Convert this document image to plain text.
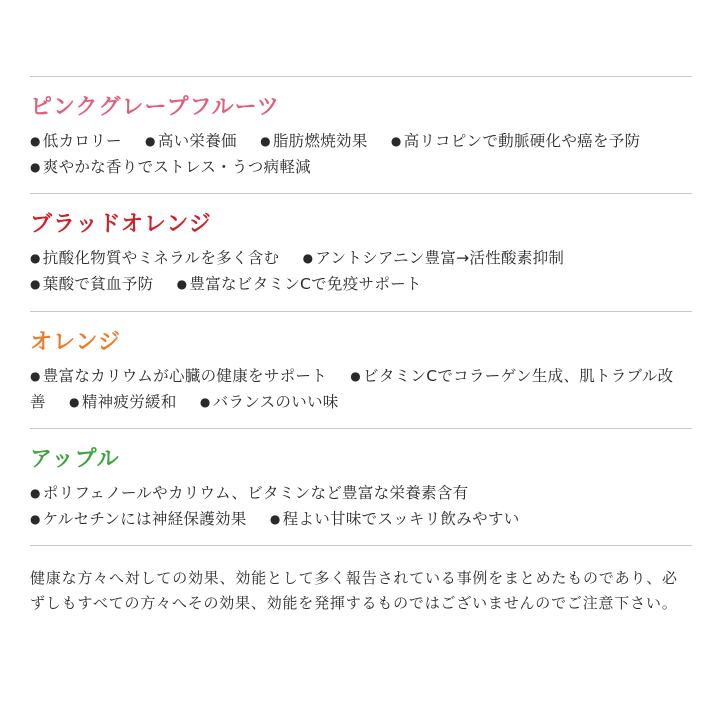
ピンクグレープフルーツ
● 低カロリー ● 高い栄養価 ● 脂肪燃焼効果 ● 高リコピンで動脈硬化や癌を予防
● 爽やかな香りでストレス・うつ病軽減
ブラッドオレンジ
● 抗酸化物質やミネラルを多く含む ● アントシアニン豊富→活性酸素抑制
● 葉酸で貧血予防 ● 豊富なビタミンCで免疫サポート
オレンジ
● 豊富なカリウムが心臓の健康をサポート ● ビタミンCでコラーゲン生成、肌トラブル改善 ● 精神疲労緩和 ● バランスのいい味
アップル
● ポリフェノールやカリウム、ビタミンなど豊富な栄養素含有
● ケルセチンには神経保護効果 ● 程よい甘味でスッキリ飲みやすい
健康な方々へ対しての効果、効能として多く報告されている事例をまとめたものであり、必ずしもすべての方々へその効果、効能を発揮するものではございませんのでご注意下さい。
